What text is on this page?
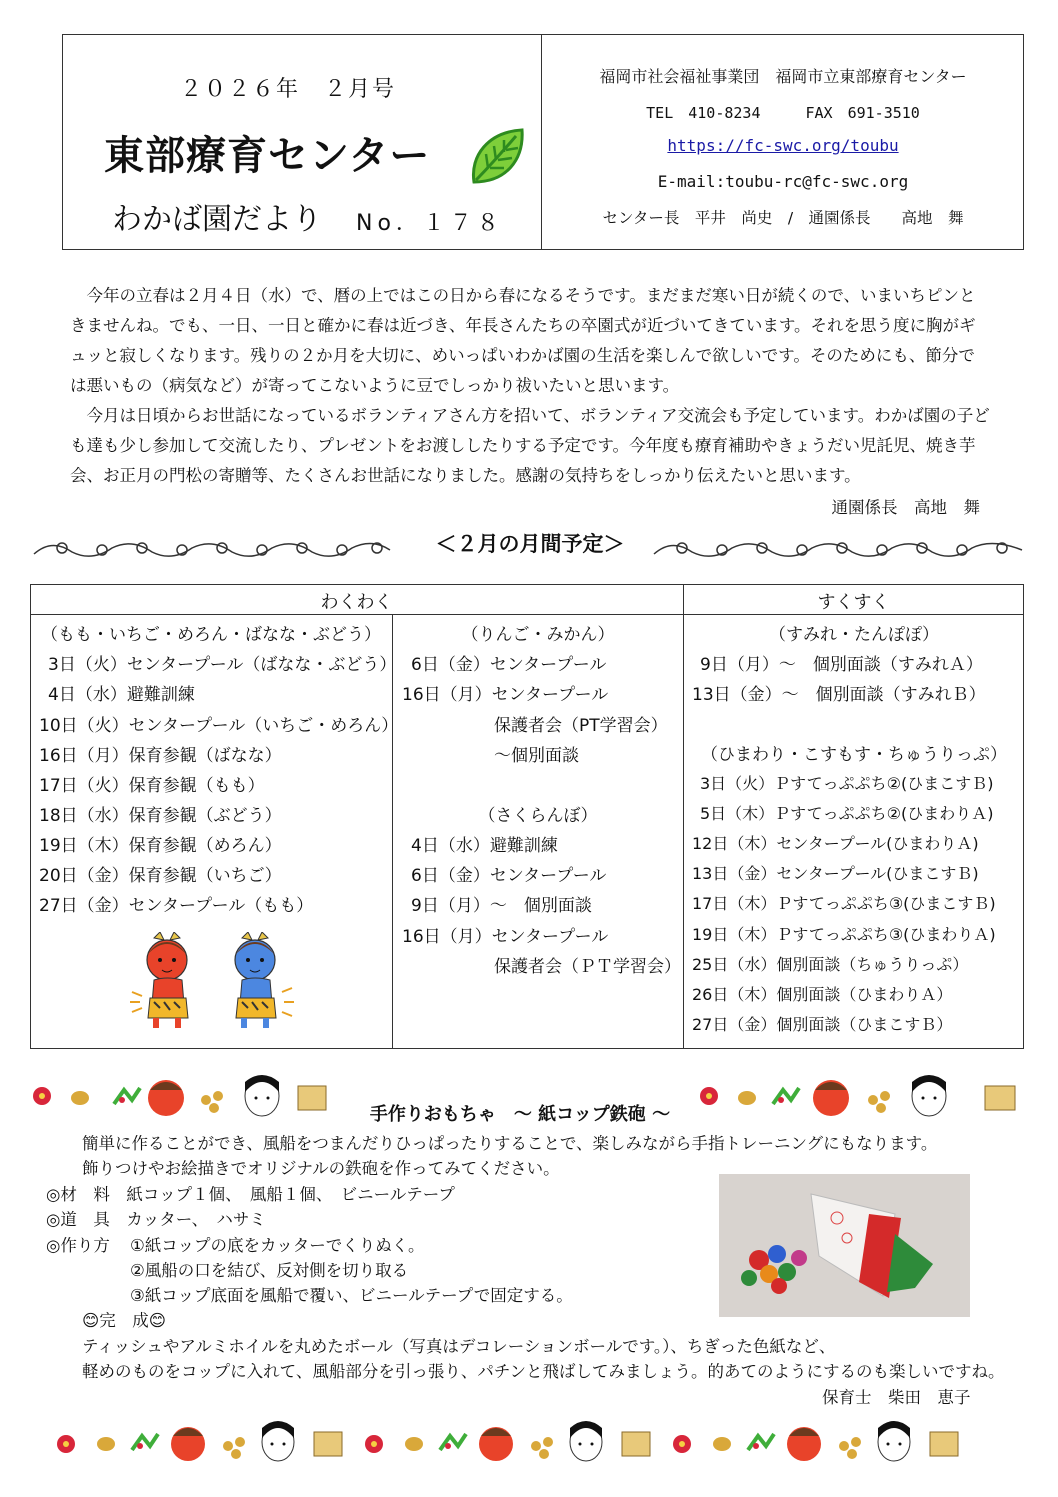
２０２６年　２月号
東部療育センター
わかば園だより No．１７８
福岡市社会福祉事業団　福岡市立東部療育センター
TEL　410-8234　　　FAX　691-3510
https://fc-swc.org/toubu
E-mail:toubu-rc@fc-swc.org
センター長　平井　尚史　/　通園係長　　高地　舞

今年の立春は２月４日（水）で、暦の上ではこの日から春になるそうです。まだまだ寒い日が続くので、いまいちピンときませんね。でも、一日、一日と確かに春は近づき、年長さんたちの卒園式が近づいてきています。それを思う度に胸がギュッと寂しくなります。残りの２か月を大切に、めいっぱいわかば園の生活を楽しんで欲しいです。そのためにも、節分では悪いもの（病気など）が寄ってこないように豆でしっかり祓いたいと思います。

今月は日頃からお世話になっているボランティアさん方を招いて、ボランティア交流会も予定しています。わかば園の子ども達も少し参加して交流したり、プレゼントをお渡ししたりする予定です。今年度も療育補助やきょうだい児託児、焼き芋会、お正月の門松の寄贈等、たくさんお世話になりました。感謝の気持ちをしっかり伝えたいと思います。

通園係長　高地　舞
＜２月の月間予定＞
わくわく	すくすく
（もも・いちご・めろん・ばなな・ぶどう）
3日（火）センタープール（ばなな・ぶどう）
4日（水）避難訓練
10日（火）センタープール（いちご・めろん）
16日（月）保育参観（ばなな）
17日（火）保育参観（もも）
18日（水）保育参観（ぶどう）
19日（木）保育参観（めろん）
20日（金）保育参観（いちご）
27日（金）センタープール（もも）
（りんご・みかん）
6日（金）センタープール
16日（月）センタープール
保護者会（PT学習会）
～個別面談
（さくらんぼ）
4日（水）避難訓練
6日（金）センタープール
9日（月）～　個別面談
16日（月）センタープール
保護者会（ＰＴ学習会）
（すみれ・たんぽぽ）
9日（月）～　個別面談（すみれＡ）
13日（金）～　個別面談（すみれＢ）
（ひまわり・こすもす・ちゅうりっぷ）
3日（火）Ｐすてっぷぷち②(ひまこすＢ)
5日（木）Ｐすてっぷぷち②(ひまわりＡ)
12日（木）センタープール(ひまわりＡ)
13日（金）センタープール(ひまこすＢ)
17日（木）Ｐすてっぷぷち③(ひまこすＢ)
19日（木）Ｐすてっぷぷち③(ひまわりＡ)
25日（水）個別面談（ちゅうりっぷ）
26日（木）個別面談（ひまわりＡ）
27日（金）個別面談（ひまこすＢ）
手作りおもちゃ　～ 紙コップ鉄砲 ～
簡単に作ることができ、風船をつまんだりひっぱったりすることで、楽しみながら手指トレーニングにもなります。
飾りつけやお絵描きでオリジナルの鉄砲を作ってみてください。
◎材　料　紙コップ１個、　風船１個、　ビニールテープ
◎道　具　カッター、　ハサミ
◎作り方 ①紙コップの底をカッターでくりぬく。
②風船の口を結び、反対側を切り取る
③紙コップ底面を風船で覆い、ビニールテープで固定する。
😊完　成😊
ティッシュやアルミホイルを丸めたボール（写真はデコレーションボールです。）、ちぎった色紙など、
軽めのものをコップに入れて、風船部分を引っ張り、パチンと飛ばしてみましょう。的あてのようにするのも楽しいですね。
保育士　柴田　恵子
